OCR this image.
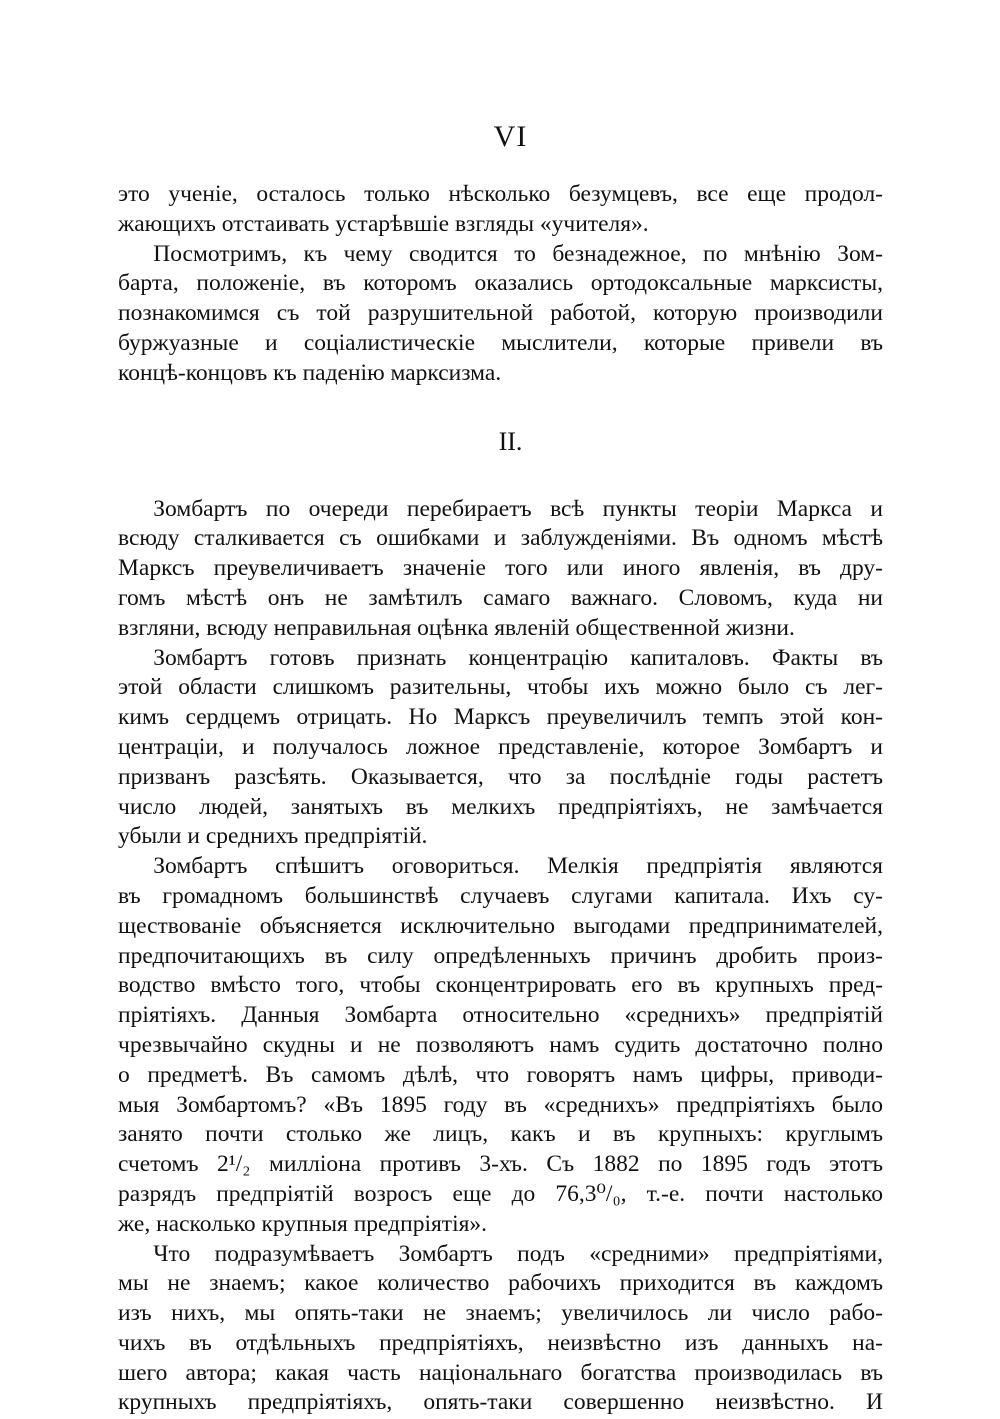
VI
это ученіе, осталось только нѣсколько безумцевъ, все еще продол-
жающихъ отстаивать устарѣвшіе взгляды «учителя».
  Посмотримъ, къ чему сводится то безнадежное, по мнѣнію Зом-
барта, положеніе, въ которомъ оказались ортодоксальные марксисты,
познакомимся съ той разрушительной работой, которую производили
буржуазные и соціалистическіе мыслители, которые привели въ
концѣ-концовъ къ паденію марксизма.
II.
  Зомбартъ по очереди перебираетъ всѣ пункты теоріи Маркса и
всюду сталкивается съ ошибками и заблужденіями. Въ одномъ мѣстѣ
Марксъ преувеличиваетъ значеніе того или иного явленія, въ дру-
гомъ мѣстѣ онъ не замѣтилъ самаго важнаго. Словомъ, куда ни
взгляни, всюду неправильная оцѣнка явленій общественной жизни.
  Зомбартъ готовъ признать концентрацію капиталовъ. Факты въ
этой области слишкомъ разительны, чтобы ихъ можно было съ лег-
кимъ сердцемъ отрицать. Но Марксъ преувеличилъ темпъ этой кон-
центраціи, и получалось ложное представленіе, которое Зомбартъ и
призванъ разсѣять. Оказывается, что за послѣдніе годы растетъ
число людей, занятыхъ въ мелкихъ предпріятіяхъ, не замѣчается
убыли и среднихъ предпріятій.
  Зомбартъ спѣшитъ оговориться. Мелкія предпріятія являются
въ громадномъ большинствѣ случаевъ слугами капитала. Ихъ су-
ществованіе объясняется исключительно выгодами предпринимателей,
предпочитающихъ въ силу опредѣленныхъ причинъ дробить произ-
водство вмѣсто того, чтобы сконцентрировать его въ крупныхъ пред-
пріятіяхъ. Данныя Зомбарта относительно «среднихъ» предпріятій
чрезвычайно скудны и не позволяютъ намъ судить достаточно полно
о предметѣ. Въ самомъ дѣлѣ, что говорятъ намъ цифры, приводи-
мыя Зомбартомъ? «Въ 1895 году въ «среднихъ» предпріятіяхъ было
занято почти столько же лицъ, какъ и въ крупныхъ: круглымъ
счетомъ 2¹/₂ милліона противъ 3-хъ. Съ 1882 по 1895 годъ этотъ
разрядъ предпріятій возросъ еще до 76,3⁰/₀, т.-е. почти настолько
же, насколько крупныя предпріятія».
  Что подразумѣваетъ Зомбартъ подъ «средними» предпріятіями,
мы не знаемъ; какое количество рабочихъ приходится въ каждомъ
изъ нихъ, мы опять-таки не знаемъ; увеличилось ли число рабо-
чихъ въ отдѣльныхъ предпріятіяхъ, неизвѣстно изъ данныхъ на-
шего автора; какая часть національнаго богатства производилась въ
крупныхъ предпріятіяхъ, опять-таки совершенно неизвѣстно. И
